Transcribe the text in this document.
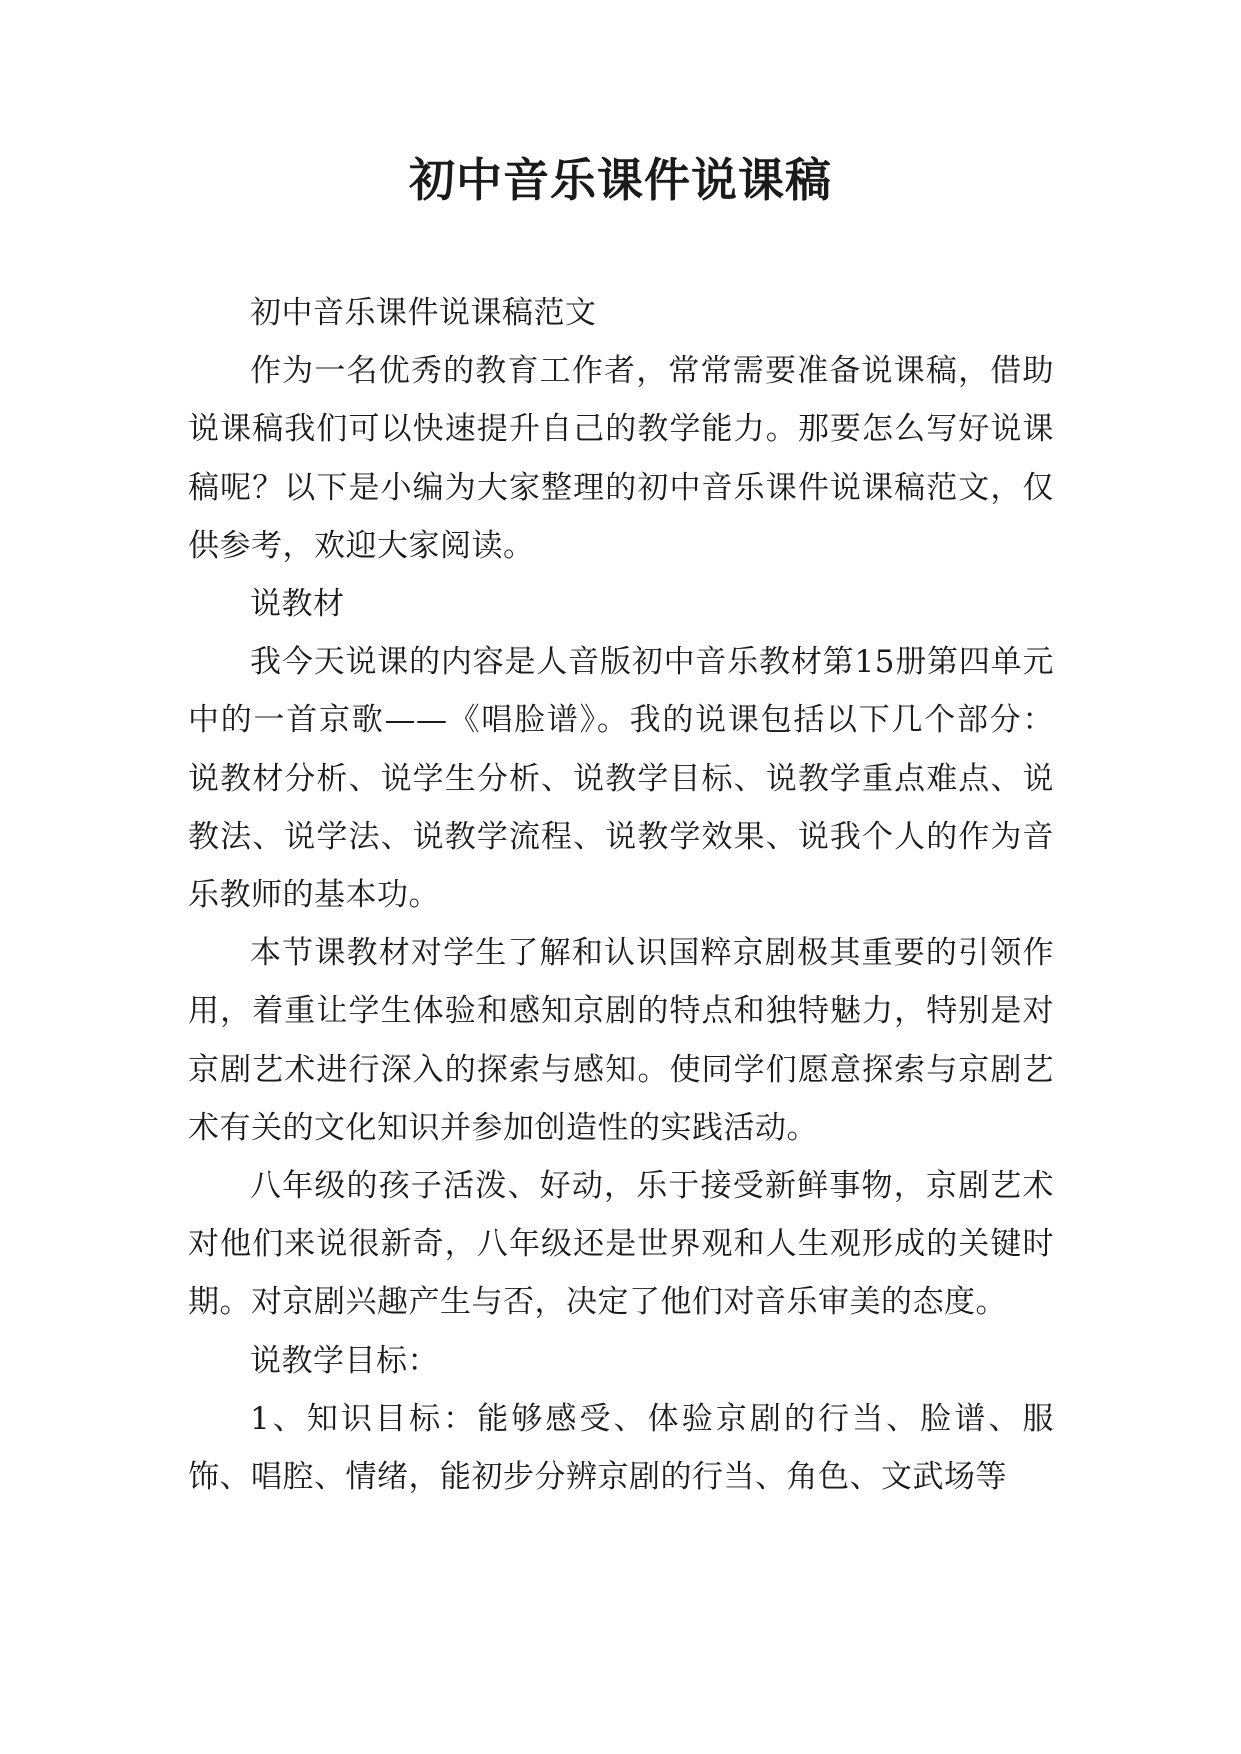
初中音乐课件说课稿

初中音乐课件说课稿范文

作为一名优秀的教育工作者，常常需要准备说课稿，借助说课稿我们可以快速提升自己的教学能力。那要怎么写好说课稿呢？以下是小编为大家整理的初中音乐课件说课稿范文，仅供参考，欢迎大家阅读。

说教材

我今天说课的内容是人音版初中音乐教材第15册第四单元中的一首京歌——《唱脸谱》。我的说课包括以下几个部分：说教材分析、说学生分析、说教学目标、说教学重点难点、说教法、说学法、说教学流程、说教学效果、说我个人的作为音乐教师的基本功。

本节课教材对学生了解和认识国粹京剧极其重要的引领作用，着重让学生体验和感知京剧的特点和独特魅力，特别是对京剧艺术进行深入的探索与感知。使同学们愿意探索与京剧艺术有关的文化知识并参加创造性的实践活动。

八年级的孩子活泼、好动，乐于接受新鲜事物，京剧艺术对他们来说很新奇，八年级还是世界观和人生观形成的关键时期。对京剧兴趣产生与否，决定了他们对音乐审美的态度。

说教学目标：

1、知识目标：能够感受、体验京剧的行当、脸谱、服饰、唱腔、情绪，能初步分辨京剧的行当、角色、文武场等
